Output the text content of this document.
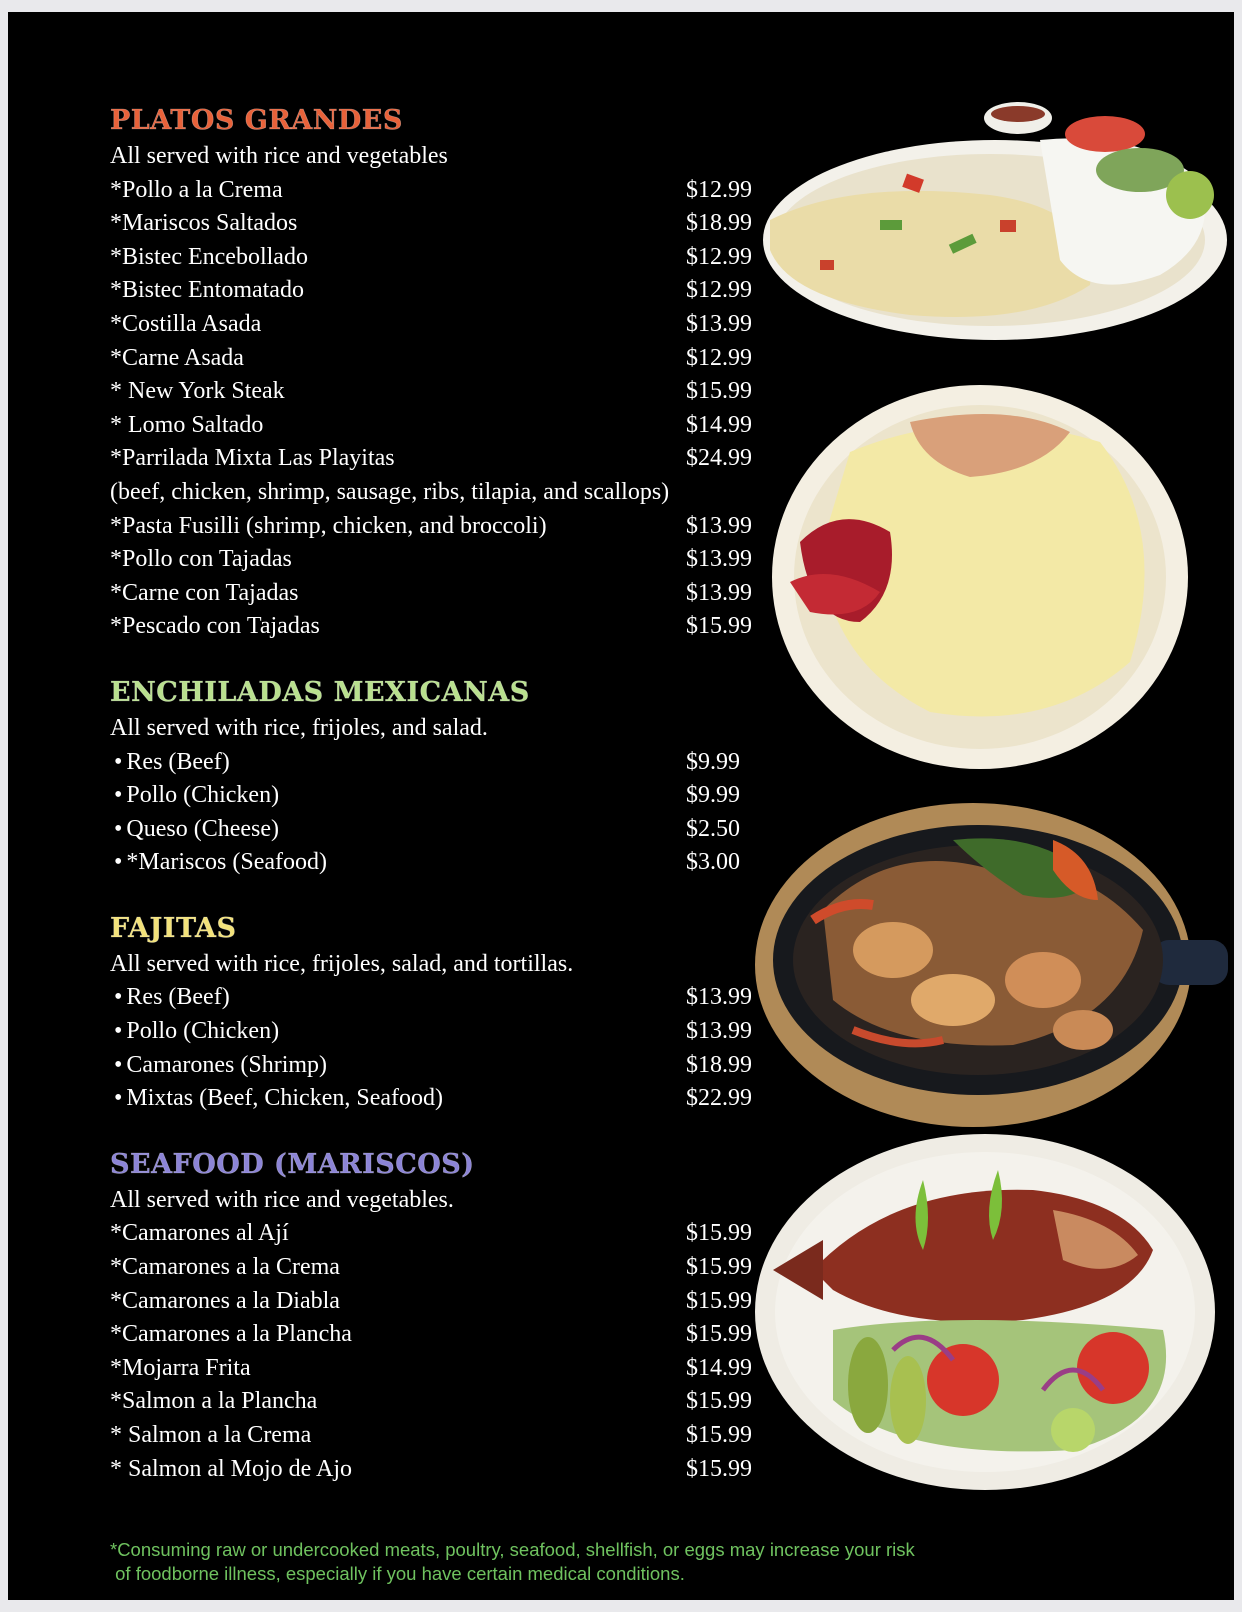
PLATOS GRANDES
All served with rice and vegetables
*Pollo a la Crema	$12.99
*Mariscos Saltados	$18.99
*Bistec Encebollado	$12.99
*Bistec Entomatado	$12.99
*Costilla Asada	$13.99
*Carne Asada	$12.99
* New York Steak	$15.99
* Lomo Saltado	$14.99
*Parrilada Mixta Las Playitas	$24.99
(beef, chicken, shrimp, sausage, ribs, tilapia, and scallops)
*Pasta Fusilli (shrimp, chicken, and broccoli)	$13.99
*Pollo con Tajadas	$13.99
*Carne con Tajadas	$13.99
*Pescado con Tajadas	$15.99
ENCHILADAS MEXICANAS
All served with rice, frijoles, and salad.
• Res (Beef)	$9.99
• Pollo (Chicken)	$9.99
• Queso (Cheese)	$2.50
• *Mariscos (Seafood)	$3.00
FAJITAS
All served with rice, frijoles, salad, and tortillas.
• Res (Beef)	$13.99
• Pollo (Chicken)	$13.99
• Camarones (Shrimp)	$18.99
• Mixtas (Beef, Chicken, Seafood)	$22.99
SEAFOOD (MARISCOS)
All served with rice and vegetables.
*Camarones al Ají	$15.99
*Camarones a la Crema	$15.99
*Camarones a la Diabla	$15.99
*Camarones a la Plancha	$15.99
*Mojarra Frita	$14.99
*Salmon a la Plancha	$15.99
* Salmon a la Crema	$15.99
* Salmon al Mojo de Ajo	$15.99
*Consuming raw or undercooked meats, poultry, seafood, shellfish, or eggs may increase your risk
of foodborne illness, especially if you have certain medical conditions.
